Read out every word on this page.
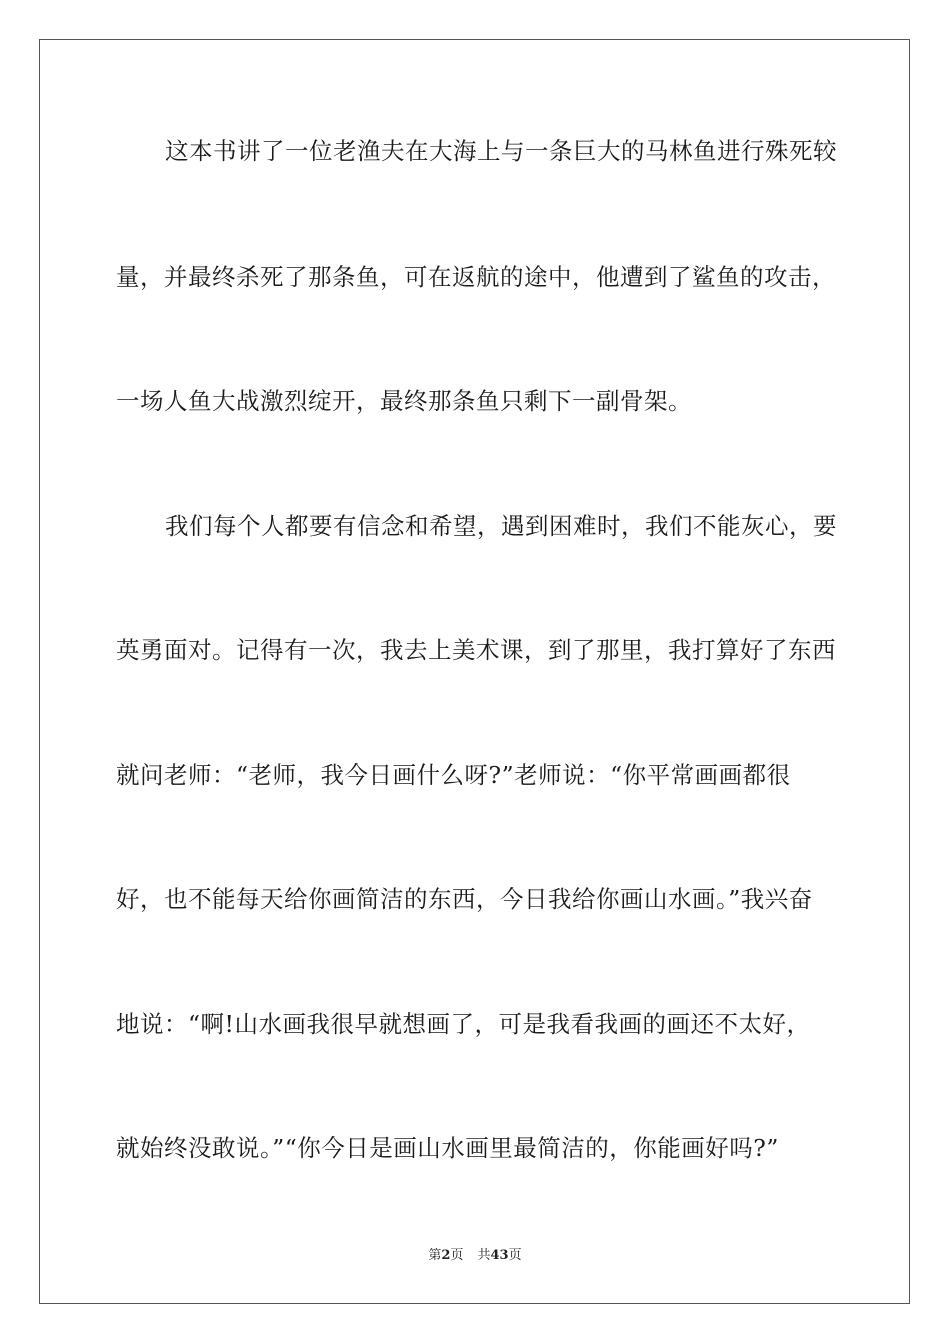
这本书讲了一位老渔夫在大海上与一条巨大的马林鱼进行殊死较
量，并最终杀死了那条鱼，可在返航的途中，他遭到了鲨鱼的攻击，
一场人鱼大战激烈绽开，最终那条鱼只剩下一副骨架。
我们每个人都要有信念和希望，遇到困难时，我们不能灰心，要
英勇面对。记得有一次，我去上美术课，到了那里，我打算好了东西
就问老师：“老师，我今日画什么呀?”老师说：“你平常画画都很
好，也不能每天给你画简洁的东西，今日我给你画山水画。”我兴奋
地说：“啊!山水画我很早就想画了，可是我看我画的画还不太好，
就始终没敢说。”“你今日是画山水画里最简洁的，你能画好吗?”
第2页 共43页
